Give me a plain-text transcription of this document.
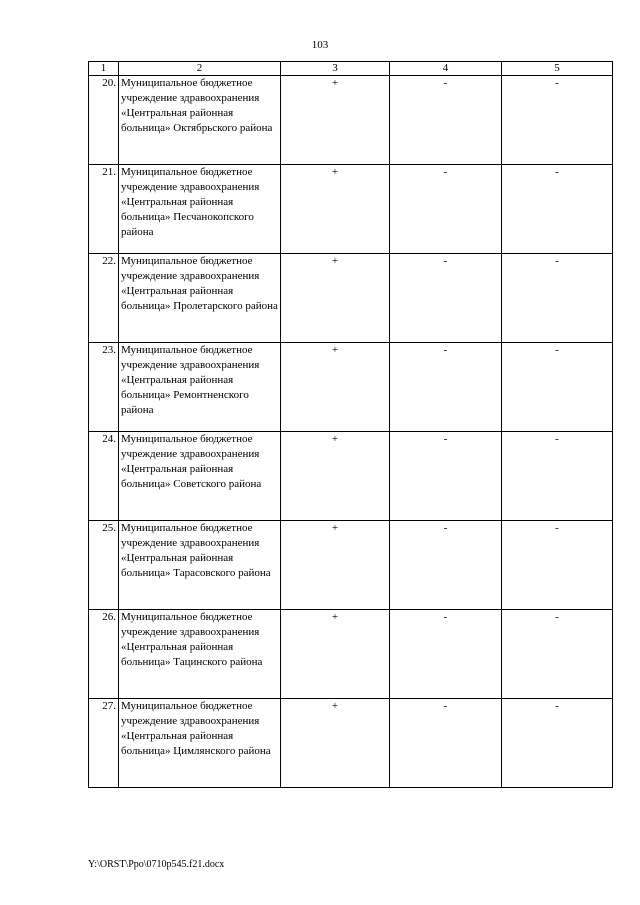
103
1	2	3	4	5
20.	Муниципальное бюджетное учреждение здравоохранения «Центральная районная больница» Октябрьского района	+	-	-
21.	Муниципальное бюджетное учреждение здравоохранения «Центральная районная больница» Песчанокопского района	+	-	-
22.	Муниципальное бюджетное учреждение здравоохранения «Центральная районная больница» Пролетарского района	+	-	-
23.	Муниципальное бюджетное учреждение здравоохранения «Центральная районная больница» Ремонтненского района	+	-	-
24.	Муниципальное бюджетное учреждение здравоохранения «Центральная районная больница» Советского района	+	-	-
25.	Муниципальное бюджетное учреждение здравоохранения «Центральная районная больница» Тарасовского района	+	-	-
26.	Муниципальное бюджетное учреждение здравоохранения «Центральная районная больница» Тацинского района	+	-	-
27.	Муниципальное бюджетное учреждение здравоохранения «Центральная районная больница» Цимлянского района	+	-	-
Y:\ORST\Ppo\0710p545.f21.docx
